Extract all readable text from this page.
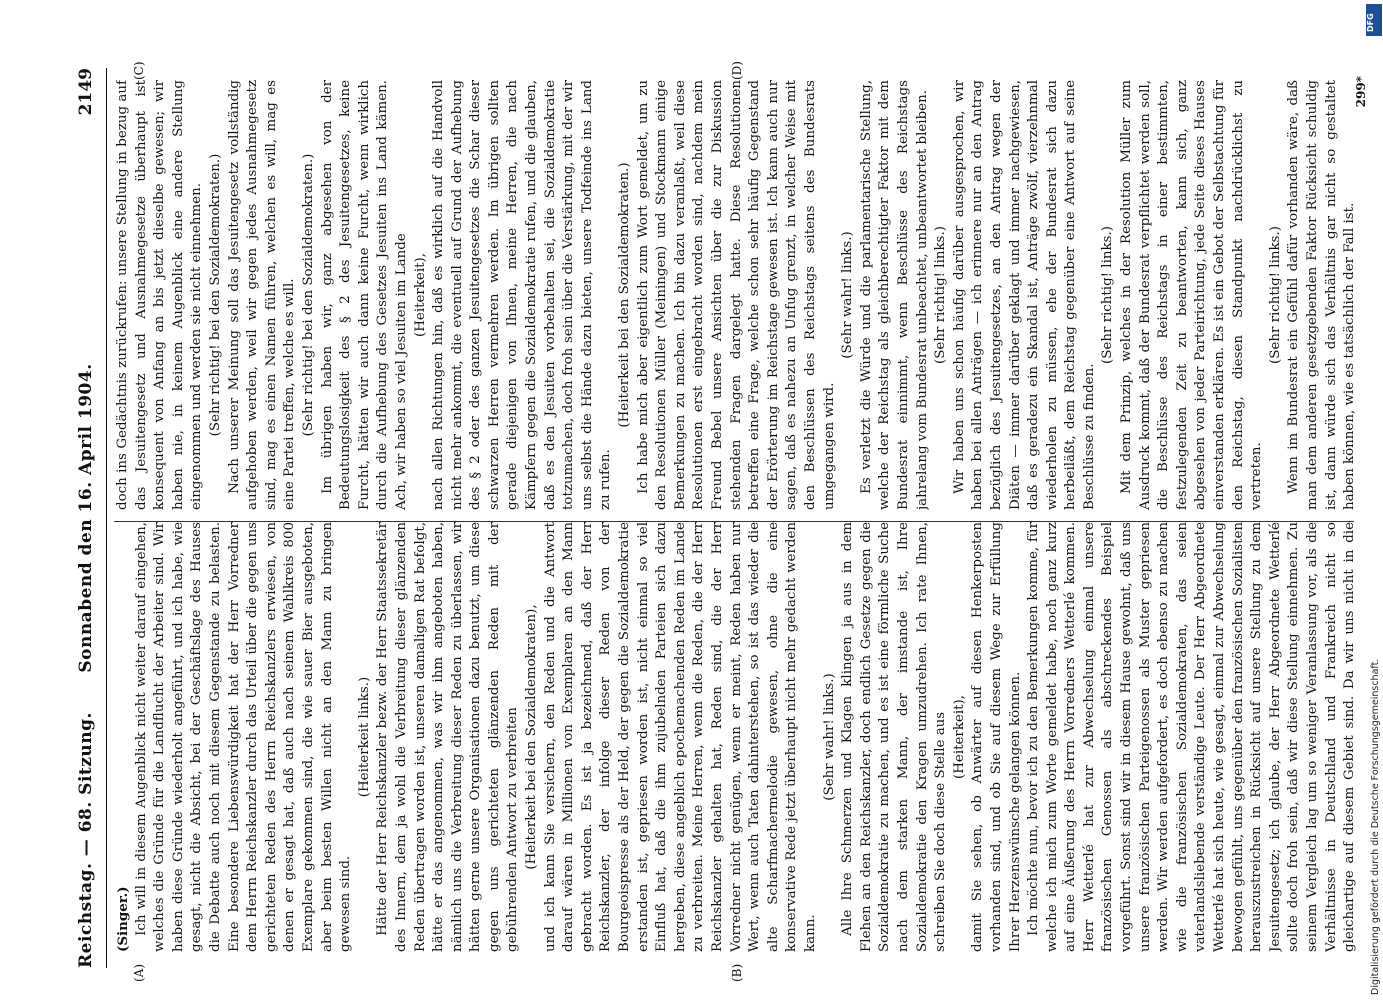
Reichstag. — 68. Sitzung.
Sonnabend den 16. April 1904.
2149
(A)	(B)
(C)	(D)

(Singer.) Ich will in diesem Augenblick nicht weiter darauf eingehen, welches die Gründe für die Landflucht der Arbeiter sind. Wir haben diese Gründe wiederholt angeführt, und ich habe, wie gesagt, nicht die Absicht, bei der Geschäftslage des Hauses die Debatte auch noch mit diesem Gegenstande zu belasten. Eine besondere Liebenswürdigkeit hat der Herr Vorredner dem Herrn Reichskanzler durch das Urteil über die gegen uns gerichteten Reden des Herrn Reichskanzlers erwiesen, von denen er gesagt hat, daß auch nach seinem Wahlkreis 800 Exemplare gekommen sind, die wie sauer Bier ausgeboten, aber beim besten Willen nicht an den Mann zu bringen gewesen sind.

(Heiterkeit links.) Hätte der Herr Reichskanzler bezw. der Herr Staatssekretär des Innern, dem ja wohl die Verbreitung dieser glänzenden Reden übertragen worden ist, unseren damaligen Rat befolgt, hätte er das angenommen, was wir ihm angeboten haben, nämlich uns die Verbreitung dieser Reden zu überlassen, wir hätten gerne unsere Organisationen dazu benutzt, um diese gegen uns gerichteten glänzenden Reden mit der gebührenden Antwort zu verbreiten (Heiterkeit bei den Sozialdemokraten), und ich kann Sie versichern, den Reden und die Antwort darauf wären in Millionen von Exemplaren an den Mann gebracht worden. Es ist ja bezeichnend, daß der Herr Reichskanzler, der infolge dieser Reden von der Bourgeoispresse als der Held, der gegen die Sozialdemokratie erstanden ist, gepriesen worden ist, nicht einmal so viel Einfluß hat, daß die ihm zujubelnden Parteien sich dazu hergeben, diese angeblich epochemachenden Reden im Lande zu verbreiten. Meine Herren, wenn die Reden, die der Herr Reichskanzler gehalten hat, Reden sind, die der Herr Vorredner nicht genügen, wenn er meint, Reden haben nur Wert, wenn auch Taten dahinterstehen, so ist das wieder die alte Scharfmachermelodie gewesen, ohne die eine konservative Rede jetzt überhaupt nicht mehr gedacht werden kann.

(Sehr wahr! links.) Alle Ihre Schmerzen und Klagen klingen ja aus in dem Flehen an den Reichskanzler, doch endlich Gesetze gegen die Sozialdemokratie zu machen, und es ist eine förmliche Suche nach dem starken Mann, der imstande ist, Ihre Sozialdemokratie den Kragen umzudrehen. Ich rate Ihnen, schreiben Sie doch diese Stelle aus (Heiterkeit), damit Sie sehen, ob Anwärter auf diesen Henkerposten vorhanden sind, und ob Sie auf diesem Wege zur Erfüllung Ihrer Herzenswünsche gelangen können. Ich möchte nun, bevor ich zu den Bemerkungen komme, für welche ich mich zum Worte gemeldet habe, noch ganz kurz auf eine Äußerung des Herrn Vorredners Wetterlé kommen. Herr Wetterlé hat zur Abwechselung einmal unsere französischen Genossen als abschreckendes Beispiel vorgeführt. Sonst sind wir in diesem Hause gewohnt, daß uns unsere französischen Parteigenossen als Muster gepriesen werden. Wir werden aufgefordert, es doch ebenso zu machen wie die französischen Sozialdemokraten, das seien vaterlandsliebende verständige Leute. Der Herr Abgeordnete Wetterlé hat sich heute, wie gesagt, einmal zur Abwechselung bewogen gefühlt, uns gegenüber den französischen Sozialisten herauszustreichen in Rücksicht auf unsere Stellung zu dem Jesuitengesetz; ich glaube, der Herr Abgeordnete Wetterlé sollte doch froh sein, daß wir diese Stellung einnehmen. Zu seinem Vergleich lag um so weniger Veranlassung vor, als die Verhältnisse in Deutschland und Frankreich nicht so gleichartige auf diesem Gebiet sind. Da wir uns nicht in die

doch ins Gedächtnis zurückrufen: unsere Stellung in bezug auf das Jesuitengesetz und Ausnahmegesetze überhaupt ist konsequent von Anfang an bis jetzt dieselbe gewesen; wir haben nie, in keinem Augenblick eine andere Stellung eingenommen und werden sie nicht einnehmen. (Sehr richtig! bei den Sozialdemokraten.) Nach unserer Meinung soll das Jesuitengesetz vollständig aufgehoben werden, weil wir gegen jedes Ausnahmegesetz sind, mag es einen Namen führen, welchen es will, mag es eine Partei treffen, welche es will. (Sehr richtig! bei den Sozialdemokraten.) Im übrigen haben wir, ganz abgesehen von der Bedeutungslosigkeit des § 2 des Jesuitengesetzes, keine Furcht, hätten wir auch dann keine Furcht, wenn wirklich durch die Aufhebung des Gesetzes Jesuiten ins Land kämen. Ach, wir haben so viel Jesuiten im Lande (Heiterkeit), nach allen Richtungen hin, daß es wirklich auf die Handvoll nicht mehr ankommt, die eventuell auf Grund der Aufhebung des § 2 oder des ganzen Jesuitengesetzes die Schar dieser schwarzen Herren vermehren werden. Im übrigen sollten gerade diejenigen von Ihnen, meine Herren, die nach Kämpfern gegen die Sozialdemokratie rufen, und die glauben, daß es den Jesuiten vorbehalten sei, die Sozialdemokratie totzumachen, doch froh sein über die Verstärkung, mit der wir uns selbst die Hände dazu bieten, unsere Todfeinde ins Land zu rufen.

(Heiterkeit bei den Sozialdemokraten.) Ich habe mich aber eigentlich zum Wort gemeldet, um zu den Resolutionen Müller (Meiningen) und Stockmann einige Bemerkungen zu machen. Ich bin dazu veranlaßt, weil diese Resolutionen erst eingebracht worden sind, nachdem mein Freund Bebel unsere Ansichten über die zur Diskussion stehenden Fragen dargelegt hatte. Diese Resolutionen betreffen eine Frage, welche schon sehr häufig Gegenstand der Erörterung im Reichstage gewesen ist. Ich kann auch nur sagen, daß es nahezu an Unfug grenzt, in welcher Weise mit den Beschlüssen des Reichstags seitens des Bundesrats umgegangen wird.

(Sehr wahr! links.) Es verletzt die Würde und die parlamentarische Stellung, welche der Reichstag als gleichberechtigter Faktor mit dem Bundesrat einnimmt, wenn Beschlüsse des Reichstags jahrelang vom Bundesrat unbeachtet, unbeantwortet bleiben. (Sehr richtig! links.) Wir haben uns schon häufig darüber ausgesprochen, wir haben bei allen Anträgen — ich erinnere nur an den Antrag bezüglich des Jesuitengesetzes, an den Antrag wegen der Diäten — immer darüber geklagt und immer nachgewiesen, daß es geradezu ein Skandal ist, Anträge zwölf, vierzehnmal wiederholen zu müssen, ehe der Bundesrat sich dazu herbeiläßt, dem Reichstag gegenüber eine Antwort auf seine Beschlüsse zu finden.

(Sehr richtig! links.) Mit dem Prinzip, welches in der Resolution Müller zum Ausdruck kommt, daß der Bundesrat verpflichtet werden soll, die Beschlüsse des Reichstags in einer bestimmten, festzulegenden Zeit zu beantworten, kann sich, ganz abgesehen von jeder Parteirichtung, jede Seite dieses Hauses einverstanden erklären. Es ist ein Gebot der Selbstachtung für den Reichstag, diesen Standpunkt nachdrücklichst zu vertreten.

(Sehr richtig! links.) Wenn im Bundesrat ein Gefühl dafür vorhanden wäre, daß man dem anderen gesetzgebenden Faktor Rücksicht schuldig ist, dann würde sich das Verhältnis gar nicht so gestaltet haben können, wie es tatsächlich der Fall ist.

299*
Digitalisierung gefördert durch die Deutsche Forschungsgemeinschaft.
DFG
